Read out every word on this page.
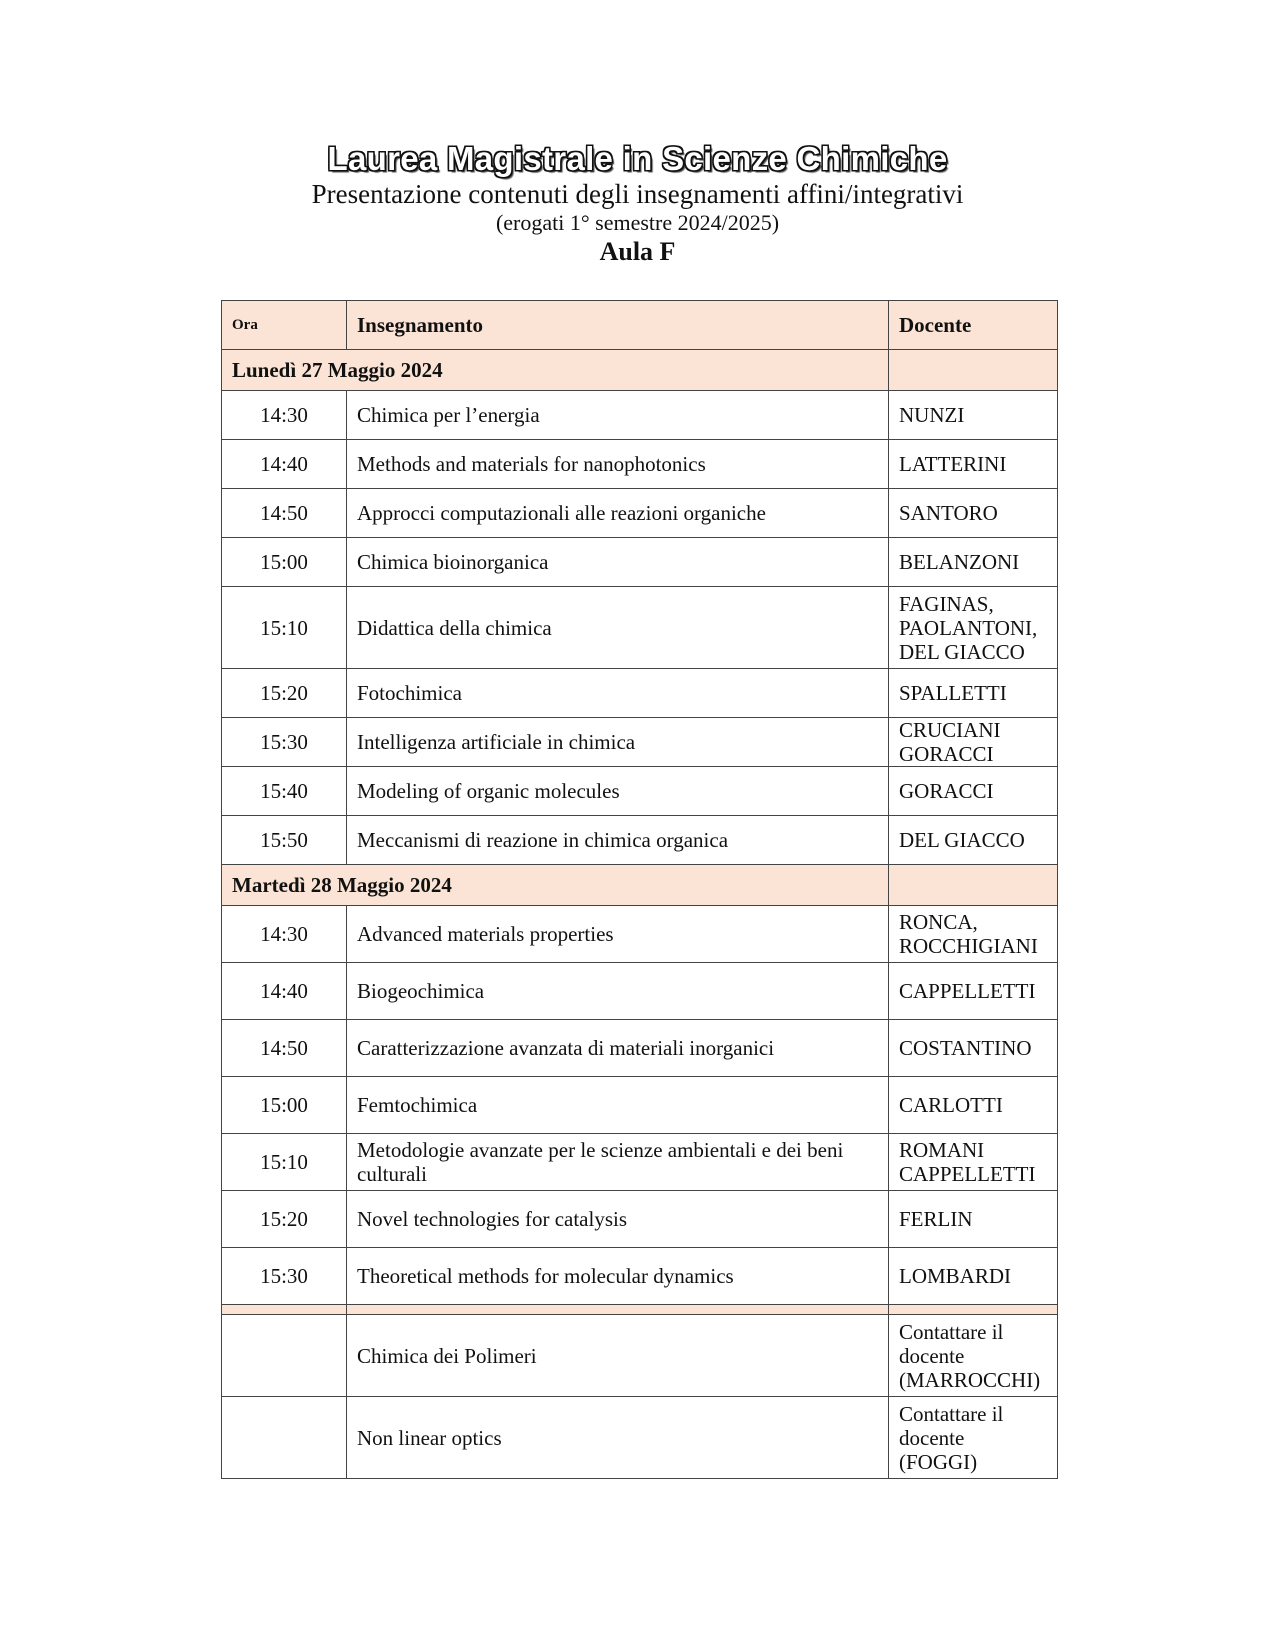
Laurea Magistrale in Scienze Chimiche
Presentazione contenuti degli insegnamenti affini/integrativi
(erogati 1° semestre 2024/2025)
Aula F
Ora	Insegnamento	Docente
Lunedì 27 Maggio 2024		
14:30	Chimica per l’energia	NUNZI
14:40	Methods and materials for nanophotonics	LATTERINI
14:50	Approcci computazionali alle reazioni organiche	SANTORO
15:00	Chimica bioinorganica	BELANZONI
15:10	Didattica della chimica	FAGINAS, PAOLANTONI, DEL GIACCO
15:20	Fotochimica	SPALLETTI
15:30	Intelligenza artificiale in chimica	CRUCIANI GORACCI
15:40	Modeling of organic molecules	GORACCI
15:50	Meccanismi di reazione in chimica organica	DEL GIACCO
Martedì 28 Maggio 2024		
14:30	Advanced materials properties	RONCA, ROCCHIGIANI
14:40	Biogeochimica	CAPPELLETTI
14:50	Caratterizzazione avanzata di materiali inorganici	COSTANTINO
15:00	Femtochimica	CARLOTTI
15:10	Metodologie avanzate per le scienze ambientali e dei beni culturali	ROMANI CAPPELLETTI
15:20	Novel technologies for catalysis	FERLIN
15:30	Theoretical methods for molecular dynamics	LOMBARDI

	Chimica dei Polimeri	Contattare il docente (MARROCCHI)
	Non linear optics	Contattare il docente (FOGGI)
